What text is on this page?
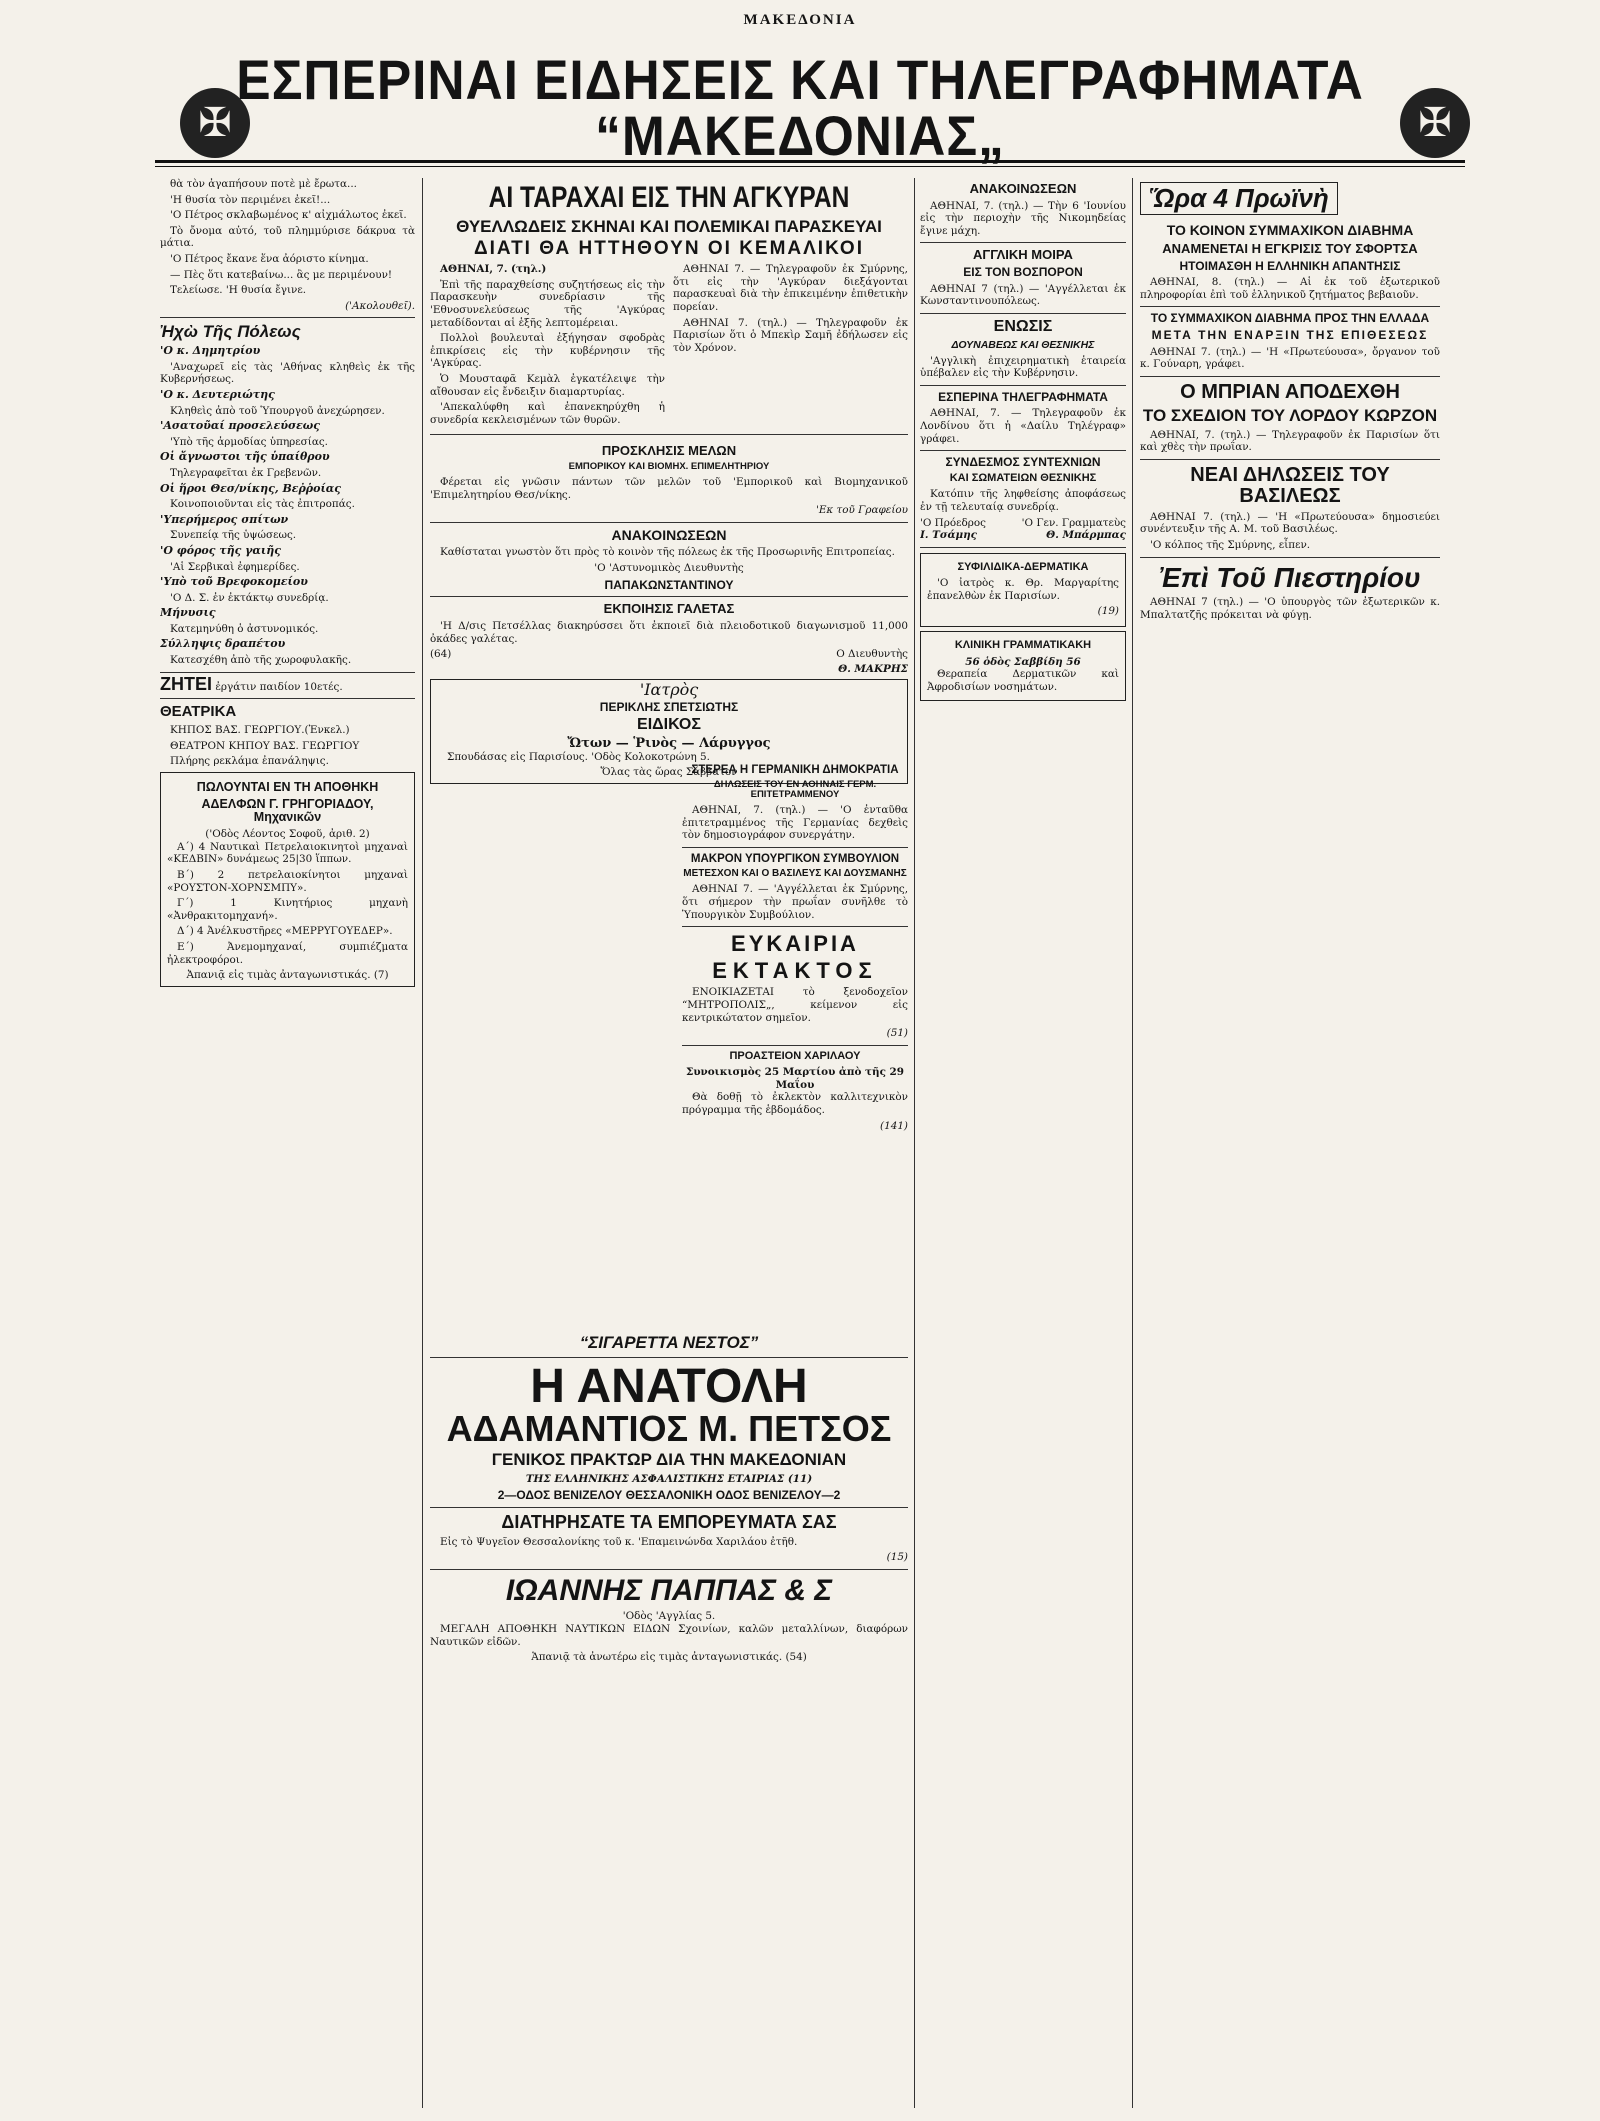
ΜΑΚΕΔΟΝΙΑ
✠	✠
ΕΣΠΕΡΙΝΑΙ ΕΙΔΗΣΕΙΣ ΚΑΙ ΤΗΛΕΓΡΑΦΗΜΑΤΑ “ΜΑΚΕΔΟΝΙΑΣ„

θὰ τὸν ἀγαπήσουν ποτὲ μὲ ἔρωτα...

'Η θυσία τὸν περιμένει ἐκεῖ!...

'Ο Πέτρος σκλαβωμένος κ' αἰχμάλωτος ἐκεῖ.

Τὸ ὄνομα αὐτό, τοῦ πλημμύρισε δάκρυα τὰ μάτια.

'Ο Πέτρος ἔκανε ἕνα ἀόριστο κίνημα.

— Πὲς ὅτι κατεβαίνω... ἂς με περιμένουν!

Τελείωσε. 'Η θυσία ἔγινε.

('Ακολουθεῖ).
Ἠχὼ Τῆς Πόλεως

'Ο κ. Δημητρίου

'Αναχωρεῖ εἰς τὰς 'Αθήνας κληθεὶς ἐκ τῆς Κυβερνήσεως.

'Ο κ. Δευτεριώτης

Κληθεὶς ἀπὸ τοῦ Ὑπουργοῦ ἀνεχώρησεν.

'Ασατοῦαί προσελεύσεως

'Υπὸ τῆς ἁρμοδίας ὑπηρεσίας.

Οἱ ἄγνωστοι τῆς ὑπαίθρου

Τηλεγραφεῖται ἐκ Γρεβενῶν.

Οἱ ἥροι Θεσ/νίκης, Βεῤῥοίας

Κοινοποιοῦνται εἰς τὰς ἐπιτροπάς.

'Υπερήμερος σπίτων

Συνεπείᾳ τῆς ὑψώσεως.

'Ο φόρος τῆς γαιῆς

'Αἱ Σερβικαὶ ἐφημερίδες.

'Υπὸ τοῦ Βρεφοκομείου

'Ο Δ. Σ. ἐν ἐκτάκτῳ συνεδρίᾳ.

Μήνυσις

Κατεμηνύθη ὁ ἀστυνομικός.

Σύλληψις δραπέτου

Κατεσχέθη ἀπὸ τῆς χωροφυλακῆς.

ΖΗΤΕΙ ἐργάτιν παιδίον 10ετές.
ΘΕΑΤΡΙΚΑ

ΚΗΠΟΣ ΒΑΣ. ΓΕΩΡΓΙΟΥ.(Ἐνκελ.)

ΘΕΑΤΡΟΝ ΚΗΠΟΥ ΒΑΣ. ΓΕΩΡΓΙΟΥ

Πλήρης ρεκλάμα ἐπανάληψις.

ΠΩΛΟΥΝΤΑΙ ΕΝ ΤΗ ΑΠΟΘΗΚΗ
ΑΔΕΛΦΩΝ Γ. ΓΡΗΓΟΡΙΑΔΟΥ, Μηχανικῶν
('Οδὸς Λέοντος Σοφοῦ, ἀριθ. 2)

Α΄) 4 Ναυτικαὶ Πετρελαιοκινητοὶ μηχαναὶ «ΚΕΔΒΙΝ» δυνάμεως 25|30 ἵππων.

Β΄) 2 πετρελαιοκίνητοι μηχαναὶ «ΡΟΥΣΤΟΝ-ΧΟΡΝΣΜΠΥ».

Γ΄) 1 Κινητήριος μηχανὴ «Ἀνθρακιτομηχανή».

Δ΄) 4 Ἀνέλκυστῆρες «ΜΕΡΡΥΓΟΥΕΔΕΡ».

Ε΄) Ἀνεμομηχαναί, συμπιέζματα ἠλεκτροφόροι.

Ἀπανιᾷ εἰς τιμὰς ἀνταγωνιστικάς. (7)
ΑΙ ΤΑΡΑΧΑΙ ΕΙΣ ΤΗΝ ΑΓΚΥΡΑΝ
ΘΥΕΛΛΩΔΕΙΣ ΣΚΗΝΑΙ ΚΑΙ ΠΟΛΕΜΙΚΑΙ ΠΑΡΑΣΚΕΥΑΙ
ΔΙΑΤΙ ΘΑ ΗΤΤΗΘΟΥΝ ΟΙ ΚΕΜΑΛΙΚΟΙ

ΑΘΗΝΑΙ, 7. (τηλ.)

Ἐπὶ τῆς παραχθείσης συζητήσεως εἰς τὴν Παρασκευὴν συνεδρίασιν τῆς 'Εθνοσυνελεύσεως τῆς 'Αγκύρας μεταδίδονται αἱ ἑξῆς λεπτομέρειαι.

Πολλοὶ βουλευταὶ ἐξήγησαν σφοδρὰς ἐπικρίσεις εἰς τὴν κυβέρνησιν τῆς 'Αγκύρας.

Ὁ Μουσταφᾶ Κεμὰλ ἐγκατέλειψε τὴν αἴθουσαν εἰς ἔνδειξιν διαμαρτυρίας.

'Απεκαλύφθη καὶ ἐπανεκηρύχθη ἡ συνεδρία κεκλεισμένων τῶν θυρῶν.

ΑΘΗΝΑΙ 7. — Τηλεγραφοῦν ἐκ Σμύρνης, ὅτι εἰς τὴν 'Αγκύραν διεξάγονται παρασκευαὶ διὰ τὴν ἐπικειμένην ἐπιθετικὴν πορείαν.

ΑΘΗΝΑΙ 7. (τηλ.) — Τηλεγραφοῦν ἐκ Παρισίων ὅτι ὁ Μπεκὶρ Σαμῆ ἐδήλωσεν εἰς τὸν Χρόνον.

ΠΡΟΣΚΛΗΣΙΣ ΜΕΛΩΝ
ΕΜΠΟΡΙΚΟΥ ΚΑΙ ΒΙΟΜΗΧ. ΕΠΙΜΕΛΗΤΗΡΙΟΥ

Φέρεται εἰς γνῶσιν πάντων τῶν μελῶν τοῦ 'Εμπορικοῦ καὶ Βιομηχανικοῦ 'Επιμελητηρίου Θεσ/νίκης.

'Εκ τοῦ Γραφείου
ΑΝΑΚΟΙΝΩΣΕΩΝ

Καθίσταται γνωστὸν ὅτι πρὸς τὸ κοινὸν τῆς πόλεως ἐκ τῆς Προσωρινῆς Επιτροπείας.

'Ο 'Αστυνομικὸς Διευθυντὴς
ΠΑΠΑΚΩΝΣΤΑΝΤΙΝΟΥ
ΕΚΠΟΙΗΣΙΣ ΓΑΛΕΤΑΣ

'Η Δ/σις Πετσέλλας διακηρύσσει ὅτι ἐκποιεῖ διὰ πλειοδοτικοῦ διαγωνισμοῦ 11,000 ὀκάδες γαλέτας.

(64)	Ο Διευθυντὴς
Θ. ΜΑΚΡΗΣ
'Ιατρὸς
ΠΕΡΙΚΛΗΣ ΣΠΕΤΣΙΩΤΗΣ
ΕΙΔΙΚΟΣ
Ὤτων — Ῥινὸς — Λάρυγγος

Σπουδάσας εἰς Παρισίους. 'Οδὸς Κολοκοτρώνη 5.

Ὅλας τὰς ὥρας Σάββατον
ΣΤΕΡΕΑ Η ΓΕΡΜΑΝΙΚΗ ΔΗΜΟΚΡΑΤΙΑ
ΔΗΛΩΣΕΙΣ ΤΟΥ ΕΝ ΑΘΗΝΑΙΣ ΓΕΡΜ. ΕΠΙΤΕΤΡΑΜΜΕΝΟΥ

ΑΘΗΝΑΙ, 7. (τηλ.) — 'Ο ἐνταῦθα ἐπιτετραμμένος τῆς Γερμανίας δεχθεὶς τὸν δημοσιογράφον συνεργάτην.

ΜΑΚΡΟΝ ΥΠΟΥΡΓΙΚΟΝ ΣΥΜΒΟΥΛΙΟΝ
ΜΕΤΕΣΧΟΝ ΚΑΙ Ο ΒΑΣΙΛΕΥΣ ΚΑΙ ΔΟΥΣΜΑΝΗΣ

ΑΘΗΝΑΙ 7. — 'Αγγέλλεται ἐκ Σμύρνης, ὅτι σήμερον τὴν πρωΐαν συνῆλθε τὸ Ὑπουργικὸν Συμβούλιον.

ΕΥΚΑΙΡΙΑ
ΕΚΤΑΚΤΟΣ

ΕΝΟΙΚΙΑΖΕΤΑΙ τὸ ξενοδοχεῖον “ΜΗΤΡΟΠΟΛΙΣ„, κείμενον εἰς κεντρικώτατον σημεῖον.

(51)
ΠΡΟΑΣΤΕΙΟΝ ΧΑΡΙΛΑΟΥ
Συνοικισμὸς 25 Μαρτίου ἀπὸ τῆς 29 Μαΐου

Θὰ δοθῇ τὸ ἐκλεκτὸν καλλιτεχνικὸν πρόγραμμα τῆς ἑβδομάδος.

(141)
“ΣΙΓΑΡΕΤΤΑ ΝΕΣΤΟΣ”
Η ΑΝΑΤΟΛΗ
ΑΔΑΜΑΝΤΙΟΣ Μ. ΠΕΤΣΟΣ
ΓΕΝΙΚΟΣ ΠΡΑΚΤΩΡ ΔΙΑ ΤΗΝ ΜΑΚΕΔΟΝΙΑΝ
ΤΗΣ ΕΛΛΗΝΙΚΗΣ ΑΣΦΑΛΙΣΤΙΚΗΣ ΕΤΑΙΡΙΑΣ (11)
2—ΟΔΟΣ ΒΕΝΙΖΕΛΟΥ ΘΕΣΣΑΛΟΝΙΚΗ ΟΔΟΣ ΒΕΝΙΖΕΛΟΥ—2
ΔΙΑΤΗΡΗΣΑΤΕ ΤΑ ΕΜΠΟΡΕΥΜΑΤΑ ΣΑΣ

Εἰς τὸ Ψυγεῖον Θεσσαλονίκης τοῦ κ. 'Επαμεινώνδα Χαριλάου ἐτῆθ.

(15)
ΙΩΑΝΝΗΣ ΠΑΠΠΑΣ & Σ
'Οδὸς 'Αγγλίας 5.

ΜΕΓΑΛΗ ΑΠΟΘΗΚΗ ΝΑΥΤΙΚΩΝ ΕΙΔΩΝ Σχοινίων, καλῶν μεταλλίνων, διαφόρων Ναυτικῶν εἰδῶν.

Ἁπανιᾷ τὰ ἀνωτέρω εἰς τιμὰς ἀνταγωνιστικάς. (54)
ΑΝΑΚΟΙΝΩΣΕΩΝ

ΑΘΗΝΑΙ, 7. (τηλ.) — Τὴν 6 'Ιουνίου εἰς τὴν περιοχὴν τῆς Νικομηδείας ἔγινε μάχη.

ΑΓΓΛΙΚΗ ΜΟΙΡΑ
ΕΙΣ ΤΟΝ ΒΟΣΠΟΡΟΝ

ΑΘΗΝΑΙ 7 (τηλ.) — 'Αγγέλλεται ἐκ Κωνσταντινουπόλεως.

ΕΝΩΣΙΣ
ΔΟΥΝΑΒΕΩΣ ΚΑΙ ΘΕΣΝΙΚΗΣ

'Αγγλικὴ ἐπιχειρηματικὴ ἑταιρεία ὑπέβαλεν εἰς τὴν Κυβέρνησιν.

ΕΣΠΕΡΙΝΑ ΤΗΛΕΓΡΑΦΗΜΑΤΑ

ΑΘΗΝΑΙ, 7. — Τηλεγραφοῦν ἐκ Λονδίνου ὅτι ἡ «Δαίλυ Τηλέγραφ» γράφει.

ΣΥΝΔΕΣΜΟΣ ΣΥΝΤΕΧΝΙΩΝ
ΚΑΙ ΣΩΜΑΤΕΙΩΝ ΘΕΣΝΙΚΗΣ

Κατόπιν τῆς ληφθείσης ἀποφάσεως ἐν τῇ τελευταίᾳ συνεδρίᾳ.

'Ο Πρόεδρος	'Ο Γεν. Γραμματεὺς
Ι. Τσάμης	Θ. Μπάρμπας
ΣΥΦΙΛΙΔΙΚΑ-ΔΕΡΜΑΤΙΚΑ

'Ο ἰατρὸς κ. Θρ. Μαργαρίτης ἐπανελθὼν ἐκ Παρισίων.

(19)
ΚΛΙΝΙΚΗ ΓΡΑΜΜΑΤΙΚΑΚΗ
56 ὁδὸς Σαββίδη 56

Θεραπεία Δερματικῶν καὶ Ἀφροδισίων νοσημάτων.

Ὥρα 4 Πρωϊνὴ
ΤΟ ΚΟΙΝΟΝ ΣΥΜΜΑΧΙΚΟΝ ΔΙΑΒΗΜΑ
ΑΝΑΜΕΝΕΤΑΙ Η ΕΓΚΡΙΣΙΣ ΤΟΥ ΣΦΟΡΤΣΑ
ΗΤΟΙΜΑΣΘΗ Η ΕΛΛΗΝΙΚΗ ΑΠΑΝΤΗΣΙΣ

ΑΘΗΝΑΙ, 8. (τηλ.) — Αἱ ἐκ τοῦ ἐξωτερικοῦ πληροφορίαι ἐπὶ τοῦ ἑλληνικοῦ ζητήματος βεβαιοῦν.

ΤΟ ΣΥΜΜΑΧΙΚΟΝ ΔΙΑΒΗΜΑ ΠΡΟΣ ΤΗΝ ΕΛΛΑΔΑ
ΜΕΤΑ ΤΗΝ ΕΝΑΡΞΙΝ ΤΗΣ ΕΠΙΘΕΣΕΩΣ

ΑΘΗΝΑΙ 7. (τηλ.) — 'Η «Πρωτεύουσα», ὄργανον τοῦ κ. Γούναρη, γράφει.

Ο ΜΠΡΙΑΝ ΑΠΟΔΕΧΘΗ
ΤΟ ΣΧΕΔΙΟΝ ΤΟΥ ΛΟΡΔΟΥ ΚΩΡΖΟΝ

ΑΘΗΝΑΙ, 7. (τηλ.) — Τηλεγραφοῦν ἐκ Παρισίων ὅτι καὶ χθὲς τὴν πρωΐαν.

ΝΕΑΙ ΔΗΛΩΣΕΙΣ ΤΟΥ ΒΑΣΙΛΕΩΣ

ΑΘΗΝΑΙ 7. (τηλ.) — 'Η «Πρωτεύουσα» δημοσιεύει συνέντευξιν τῆς Α. Μ. τοῦ Βασιλέως.

'Ο κόλπος τῆς Σμύρνης, εἶπεν.

Ἐπὶ Τοῦ Πιεστηρίου

ΑΘΗΝΑΙ 7 (τηλ.) — 'Ο ὑπουργὸς τῶν ἐξωτερικῶν κ. Μπαλτατζῆς πρόκειται νὰ φύγῃ.
